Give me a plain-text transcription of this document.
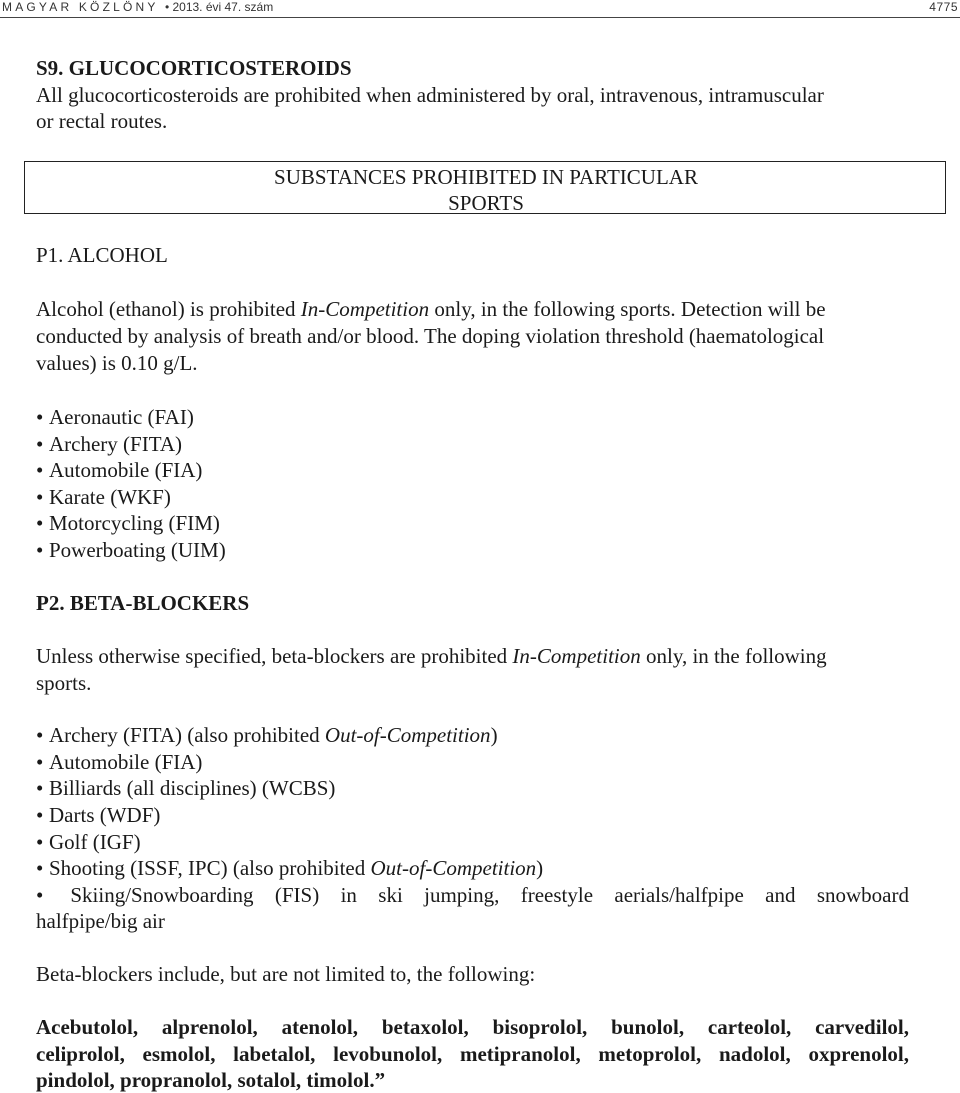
MAGYAR KÖZLÖNY • 2013. évi 47. szám	4775
S9. GLUCOCORTICOSTEROIDS
All glucocorticosteroids are prohibited when administered by oral, intravenous, intramuscular
or rectal routes.
SUBSTANCES PROHIBITED IN PARTICULAR
SPORTS
P1. ALCOHOL
Alcohol (ethanol) is prohibited In-Competition only, in the following sports. Detection will be
conducted by analysis of breath and/or blood. The doping violation threshold (haematological
values) is 0.10 g/L.
• Aeronautic (FAI)
• Archery (FITA)
• Automobile (FIA)
• Karate (WKF)
• Motorcycling (FIM)
• Powerboating (UIM)
P2. BETA-BLOCKERS
Unless otherwise specified, beta-blockers are prohibited In-Competition only, in the following
sports.
• Archery (FITA) (also prohibited Out-of-Competition)
• Automobile (FIA)
• Billiards (all disciplines) (WCBS)
• Darts (WDF)
• Golf (IGF)
• Shooting (ISSF, IPC) (also prohibited Out-of-Competition)
• Skiing/Snowboarding (FIS) in ski jumping, freestyle aerials/halfpipe and snowboard
halfpipe/big air
Beta-blockers include, but are not limited to, the following:
Acebutolol, alprenolol, atenolol, betaxolol, bisoprolol, bunolol, carteolol, carvedilol,
celiprolol, esmolol, labetalol, levobunolol, metipranolol, metoprolol, nadolol, oxprenolol,
pindolol, propranolol, sotalol, timolol.”
